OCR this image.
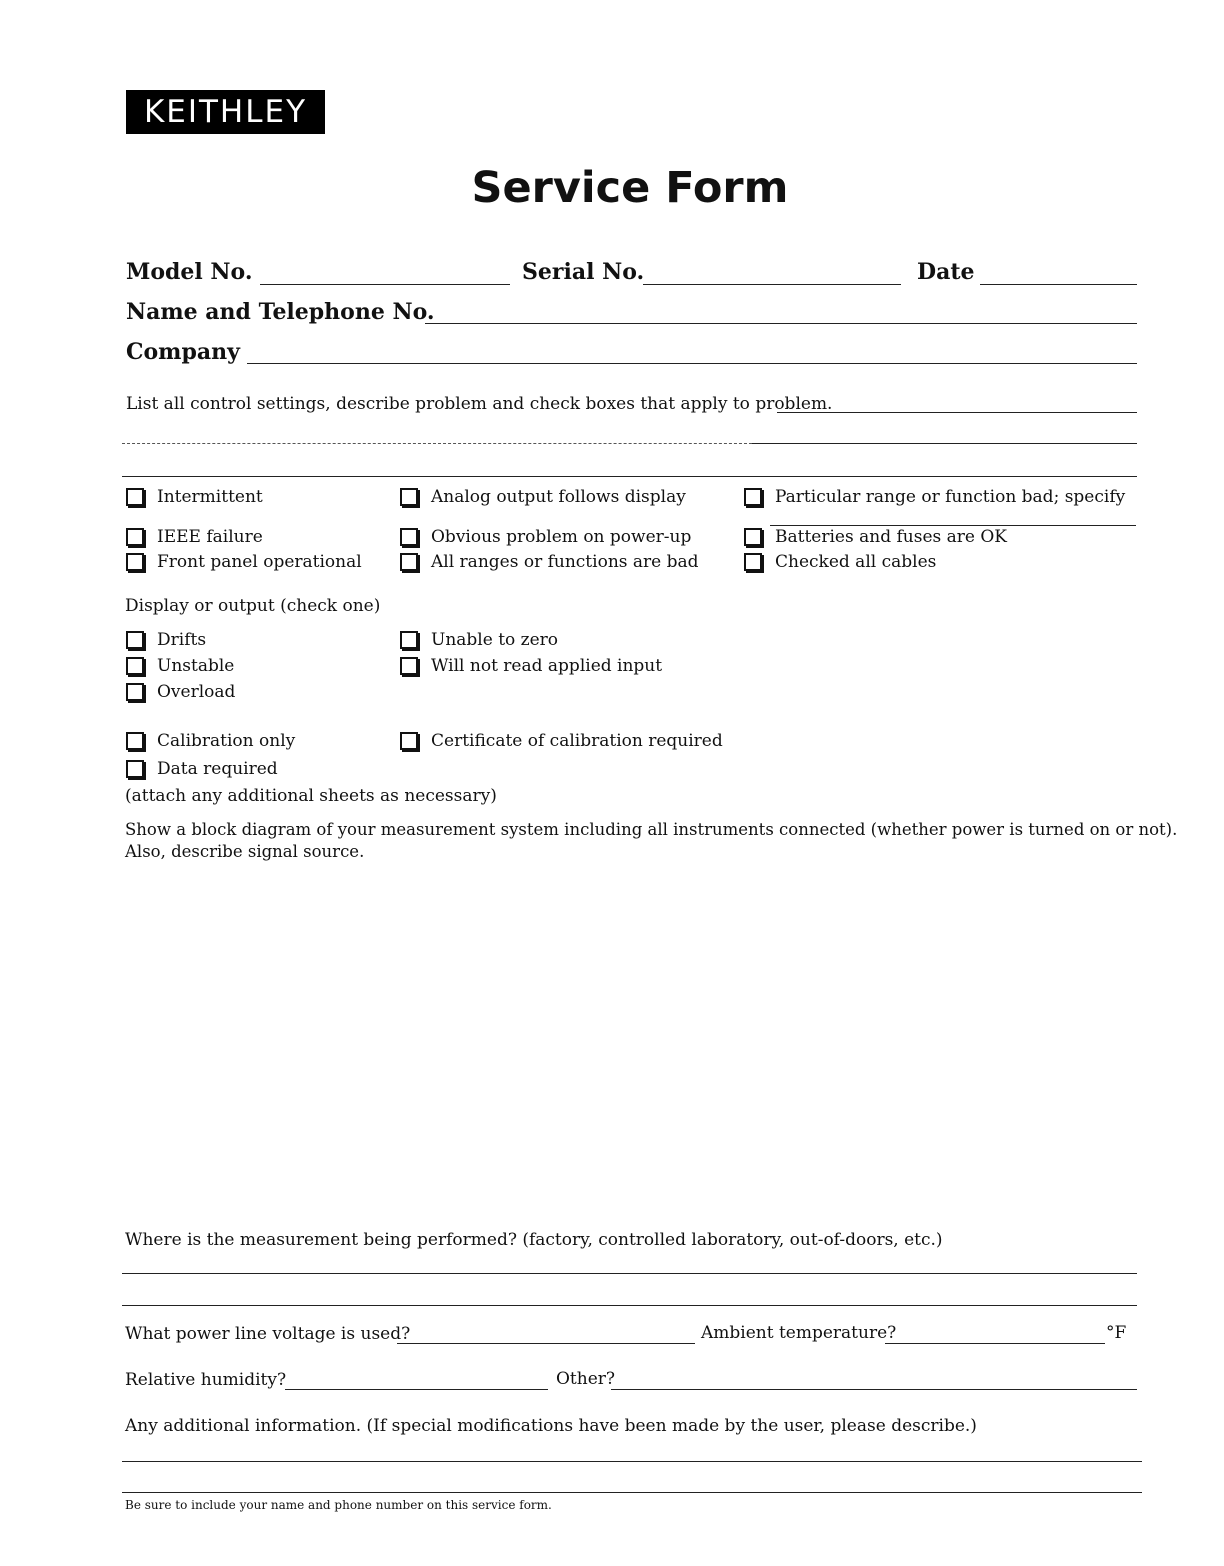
KEITHLEY
Service Form
Model No.	Serial No.	Date
Name and Telephone No.
Company
List all control settings, describe problem and check boxes that apply to problem.
Intermittent	Analog output follows display	Particular range or function bad; specify
IEEE failure	Obvious problem on power-up	Batteries and fuses are OK
Front panel operational	All ranges or functions are bad	Checked all cables
Display or output (check one)
Drifts	Unable to zero
Unstable	Will not read applied input
Overload
Calibration only	Certificate of calibration required
Data required
(attach any additional sheets as necessary)
Show a block diagram of your measurement system including all instruments connected (whether power is turned on or not).
Also, describe signal source.
Where is the measurement being performed? (factory, controlled laboratory, out-of-doors, etc.)
What power line voltage is used?	Ambient temperature?	°F
Relative humidity?	Other?
Any additional information. (If special modifications have been made by the user, please describe.)
Be sure to include your name and phone number on this service form.
